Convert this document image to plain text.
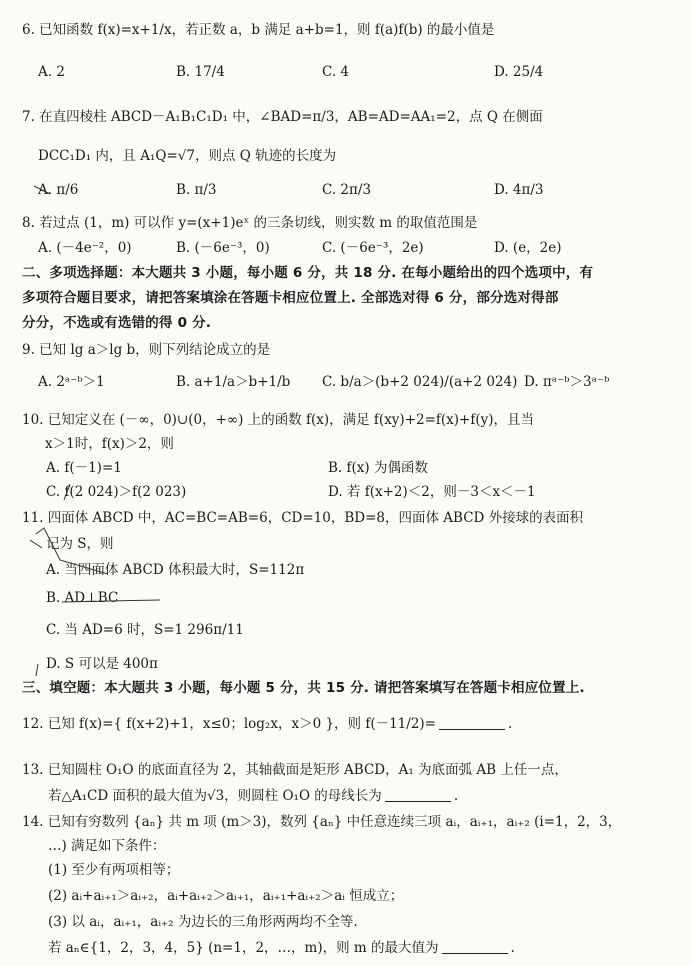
6. 已知函数 f(x)=x+1/x，若正数 a，b 满足 a+b=1，则 f(a)f(b) 的最小值是
A. 2	B. 17/4	C. 4	D. 25/4
7. 在直四棱柱 ABCD－A₁B₁C₁D₁ 中，∠BAD=π/3，AB=AD=AA₁=2，点 Q 在侧面
DCC₁D₁ 内，且 A₁Q=√7，则点 Q 轨迹的长度为
A. π/6	B. π/3	C. 2π/3	D. 4π/3
8. 若过点 (1，m) 可以作 y=(x+1)eˣ 的三条切线，则实数 m 的取值范围是
A. (－4e⁻²，0)	B. (－6e⁻³，0)	C. (－6e⁻³，2e)	D. (e，2e)
二、多项选择题：本大题共 3 小题，每小题 6 分，共 18 分. 在每小题给出的四个选项中，有
多项符合题目要求，请把答案填涂在答题卡相应位置上. 全部选对得 6 分，部分选对得部
分分，不选或有选错的得 0 分.
9. 已知 lg a＞lg b，则下列结论成立的是
A. 2ᵃ⁻ᵇ＞1	B. a+1/a＞b+1/b C. b/a＞(b+2 024)/(a+2 024) D. πᵃ⁻ᵇ＞3ᵃ⁻ᵇ
10. 已知定义在 (－∞，0)∪(0，+∞) 上的函数 f(x)，满足 f(xy)+2=f(x)+f(y)，且当
x＞1时，f(x)＞2，则
A. f(－1)=1	B. f(x) 为偶函数
C. f(2 024)＞f(2 023)	D. 若 f(x+2)＜2，则－3＜x＜－1
11. 四面体 ABCD 中，AC=BC=AB=6，CD=10，BD=8，四面体 ABCD 外接球的表面积
记为 S，则
A. 当四面体 ABCD 体积最大时，S=112π
B. AD⊥BC
C. 当 AD=6 时，S=1 296π/11
D. S 可以是 400π
三、填空题：本大题共 3 小题，每小题 5 分，共 15 分. 请把答案填写在答题卡相应位置上.
12. 已知 f(x)={ f(x+2)+1，x≤0；log₂x，x＞0 }，则 f(－11/2)=	.
13. 已知圆柱 O₁O 的底面直径为 2，其轴截面是矩形 ABCD，A₁ 为底面弧 AB 上任一点，
若△A₁CD 面积的最大值为√3，则圆柱 O₁O 的母线长为	.
14. 已知有穷数列 {aₙ} 共 m 项 (m＞3)，数列 {aₙ} 中任意连续三项 aᵢ，aᵢ₊₁，aᵢ₊₂ (i=1，2，3，
…) 满足如下条件：
(1) 至少有两项相等；
(2) aᵢ+aᵢ₊₁＞aᵢ₊₂，aᵢ+aᵢ₊₂＞aᵢ₊₁，aᵢ₊₁+aᵢ₊₂＞aᵢ 恒成立；
(3) 以 aᵢ，aᵢ₊₁，aᵢ₊₂ 为边长的三角形两两均不全等.
若 aₙ∈{1，2，3，4，5} (n=1，2，…，m)，则 m 的最大值为	.
